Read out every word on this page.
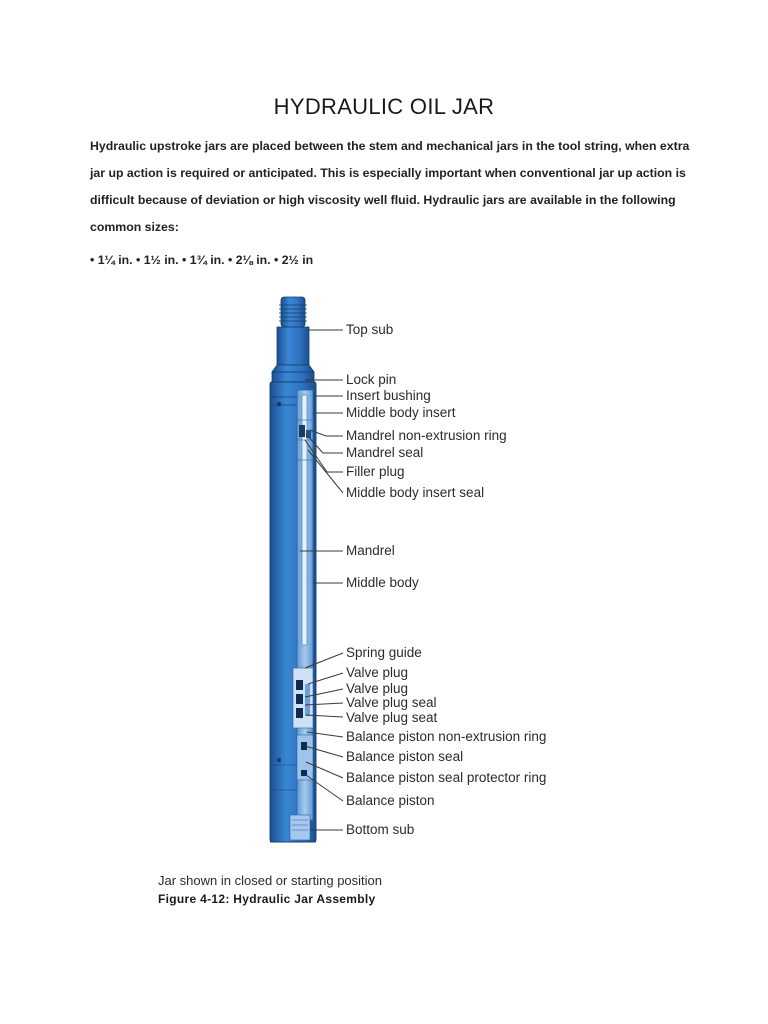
HYDRAULIC OIL JAR
Hydraulic upstroke jars are placed between the stem and mechanical jars in the tool string, when extra
jar up action is required or anticipated. This is especially important when conventional jar up action is
difficult because of deviation or high viscosity well fluid. Hydraulic jars are available in the following
common sizes:
• 1¼ in. • 1½ in. • 1¾ in. • 2⅛ in. • 2½ in
Top sub
Lock pin
Insert bushing
Middle body insert
Mandrel non-extrusion ring
Mandrel seal
Filler plug
Middle body insert seal
Mandrel
Middle body
Spring guide
Valve plug
Valve plug
Valve plug seal
Valve plug seat
Balance piston non-extrusion ring
Balance piston seal
Balance piston seal protector ring
Balance piston
Bottom sub
Jar shown in closed or starting position
Figure 4-12: Hydraulic Jar Assembly
